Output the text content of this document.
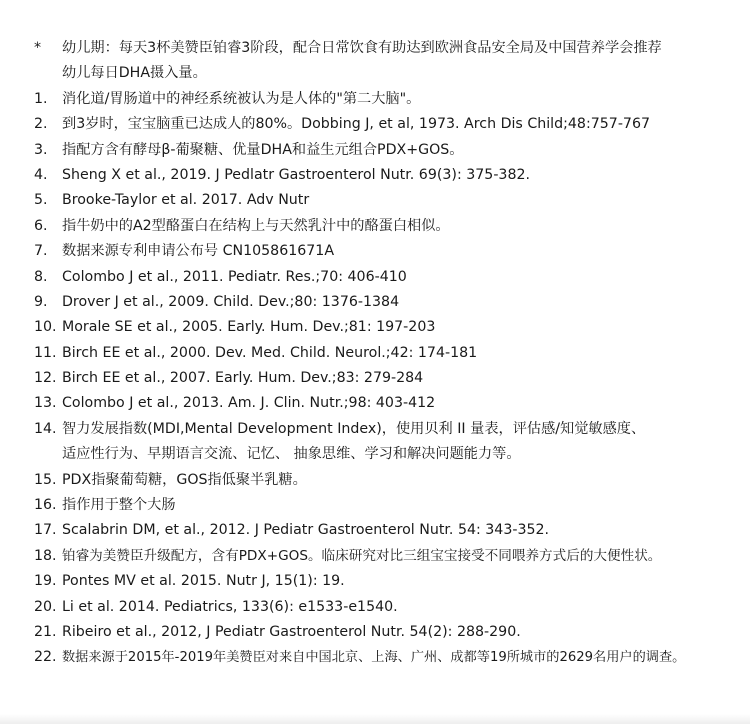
* 幼儿期：每天3杯美赞臣铂睿3阶段，配合日常饮食有助达到欧洲食品安全局及中国营养学会推荐
幼儿每日DHA摄入量。
1. 消化道/胃肠道中的神经系统被认为是人体的"第二大脑"。
2. 到3岁时，宝宝脑重已达成人的80%。Dobbing J, et al, 1973. Arch Dis Child;48:757-767
3. 指配方含有酵母β-葡聚糖、优量DHA和益生元组合PDX+GOS。
4. Sheng X et al., 2019. J Pedlatr Gastroenterol Nutr. 69(3): 375-382.
5. Brooke-Taylor et al. 2017. Adv Nutr
6. 指牛奶中的A2型酪蛋白在结构上与天然乳汁中的酪蛋白相似。
7. 数据来源专利申请公布号 CN105861671A
8. Colombo J et al., 2011. Pediatr. Res.;70: 406-410
9. Drover J et al., 2009. Child. Dev.;80: 1376-1384
10. Morale SE et al., 2005. Early. Hum. Dev.;81: 197-203
11. Birch EE et al., 2000. Dev. Med. Child. Neurol.;42: 174-181
12. Birch EE et al., 2007. Early. Hum. Dev.;83: 279-284
13. Colombo J et al., 2013. Am. J. Clin. Nutr.;98: 403-412
14. 智力发展指数(MDI,Mental Development Index)，使用贝利 II 量表，评估感/知觉敏感度、
适应性行为、早期语言交流、记忆、 抽象思维、学习和解决问题能力等。
15. PDX指聚葡萄糖，GOS指低聚半乳糖。
16. 指作用于整个大肠
17. Scalabrin DM, et al., 2012. J Pediatr Gastroenterol Nutr. 54: 343-352.
18. 铂睿为美赞臣升级配方，含有PDX+GOS。临床研究对比三组宝宝接受不同喂养方式后的大便性状。
19. Pontes MV et al. 2015. Nutr J, 15(1): 19.
20. Li et al. 2014. Pediatrics, 133(6): e1533-e1540.
21. Ribeiro et al., 2012, J Pediatr Gastroenterol Nutr. 54(2): 288-290.
22. 数据来源于2015年-2019年美赞臣对来自中国北京、上海、广州、成都等19所城市的2629名用户的调查。
